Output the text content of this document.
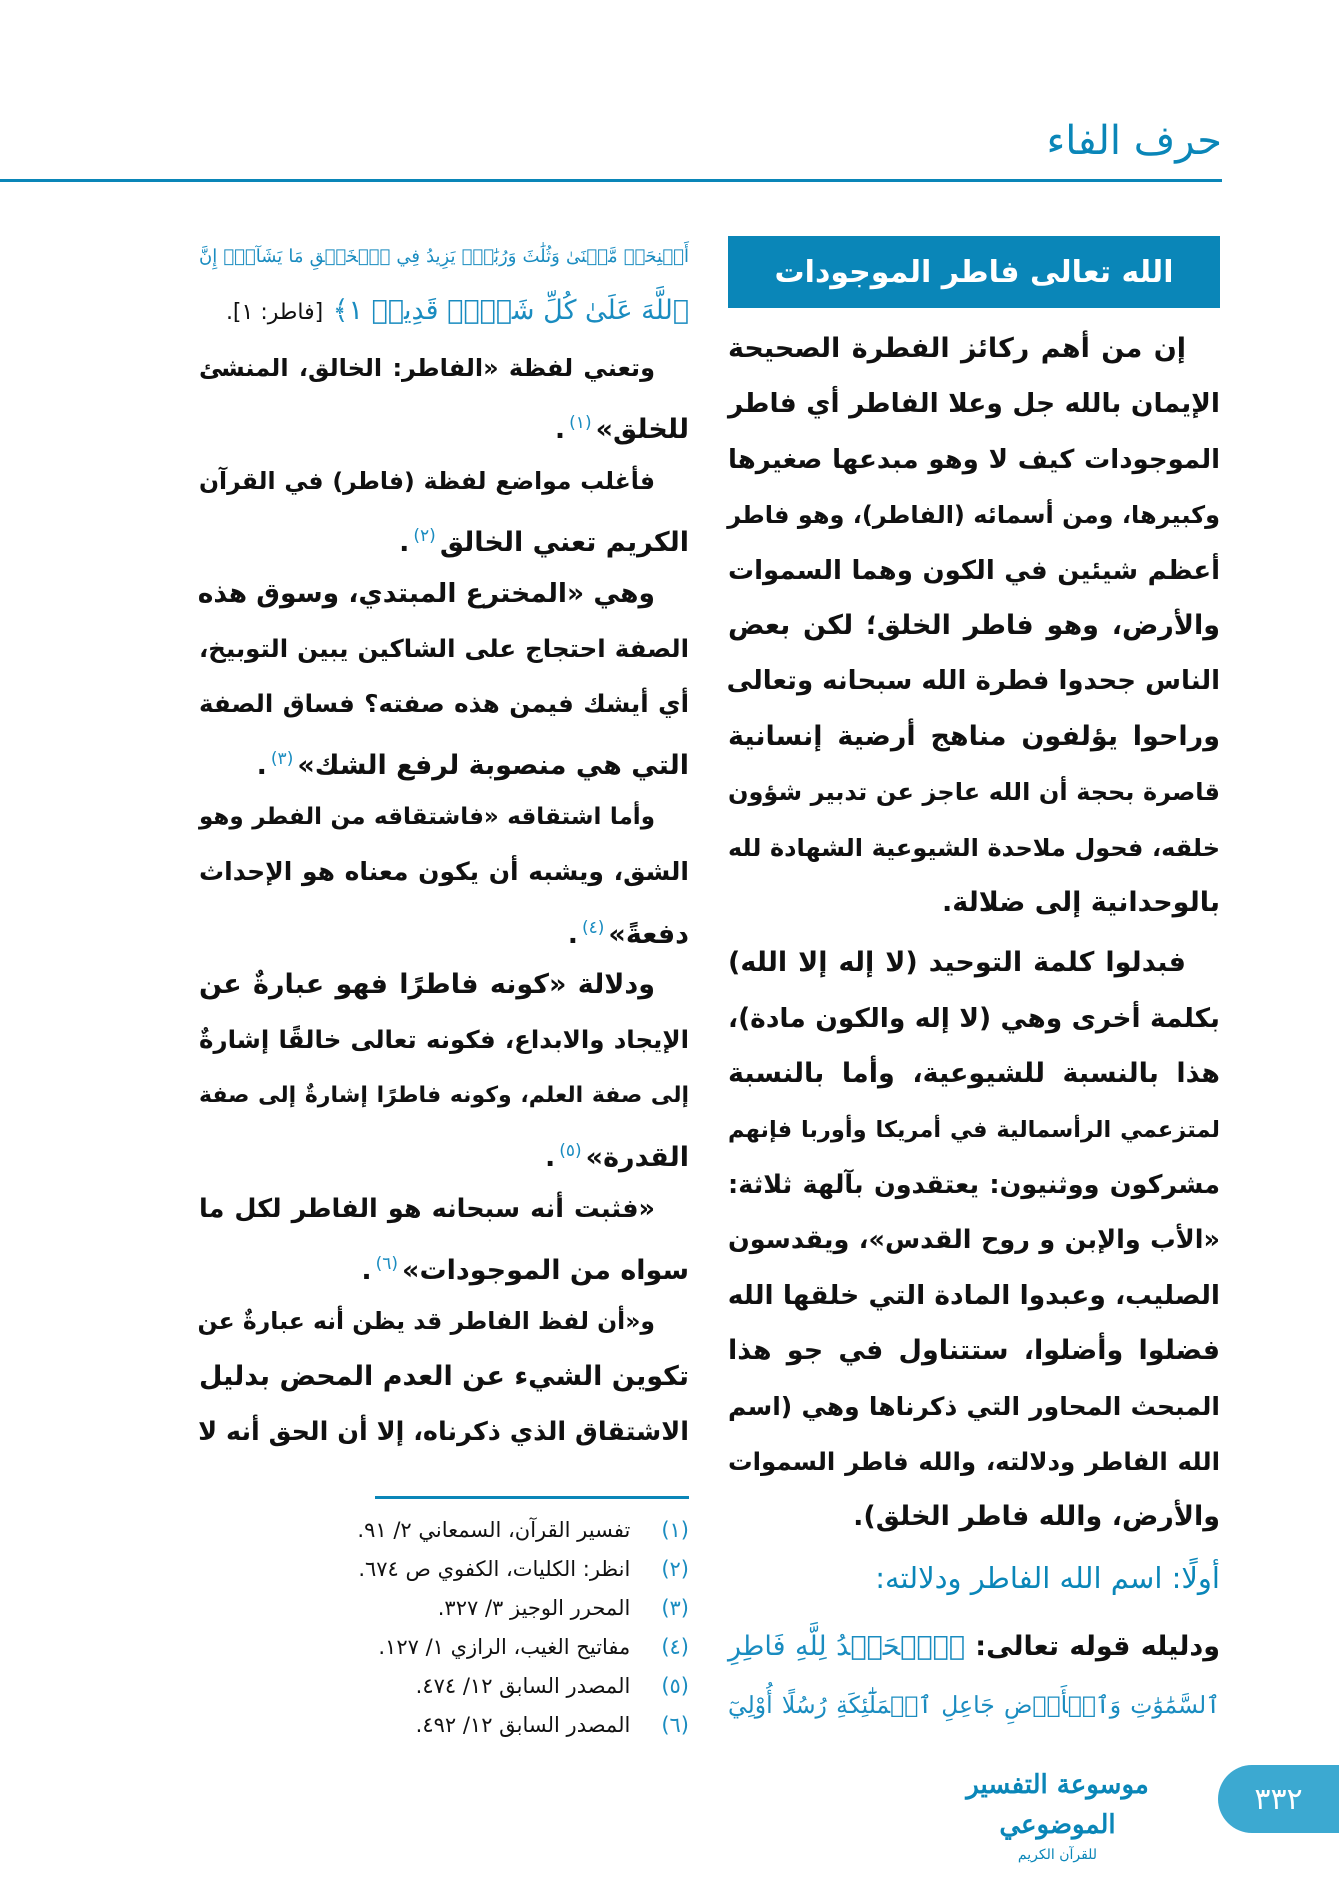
حرف الفاء
الله تعالى فاطر الموجودات
إن من أهم ركائز الفطرة الصحيحة
الإيمان بالله جل وعلا الفاطر أي فاطر
الموجودات كيف لا وهو مبدعها صغيرها
وكبيرها، ومن أسمائه (الفاطر)، وهو فاطر
أعظم شيئين في الكون وهما السموات
والأرض، وهو فاطر الخلق؛ لكن بعض
الناس جحدوا فطرة الله سبحانه وتعالى
وراحوا يؤلفون مناهج أرضية إنسانية
قاصرة بحجة أن الله عاجز عن تدبير شؤون
خلقه، فحول ملاحدة الشيوعية الشهادة لله
بالوحدانية إلى ضلالة.
فبدلوا كلمة التوحيد (لا إله إلا الله)
بكلمة أخرى وهي (لا إله والكون مادة)،
هذا بالنسبة للشيوعية، وأما بالنسبة
لمتزعمي الرأسمالية في أمريكا وأوربا فإنهم
مشركون ووثنيون: يعتقدون بآلهة ثلاثة:
«الأب والإبن و روح القدس»، ويقدسون
الصليب، وعبدوا المادة التي خلقها الله
فضلوا وأضلوا، ستتناول في جو هذا
المبحث المحاور التي ذكرناها وهي (اسم
الله الفاطر ودلالته، والله فاطر السموات
والأرض، والله فاطر الخلق).
وتعني لفظة «الفاطر: الخالق، المنشئ
للخلق»$^{(١)}$.
فأغلب مواضع لفظة (فاطر) في القرآن
الكريم تعني الخالق$^{(٢)}$.
وهي «المخترع المبتدي، وسوق هذه
الصفة احتجاج على الشاكين يبين التوبيخ،
أي أيشك فيمن هذه صفته؟ فساق الصفة
التي هي منصوبة لرفع الشك»$^{(٣)}$.
وأما اشتقاقه «فاشتقاقه من الفطر وهو
الشق، ويشبه أن يكون معناه هو الإحداث
دفعةً»$^{(٤)}$.
ودلالة «كونه فاطرًا فهو عبارةٌ عن
الإيجاد والابداع، فكونه تعالى خالقًا إشارةٌ
إلى صفة العلم، وكونه فاطرًا إشارةٌ إلى صفة
القدرة»$^{(٥)}$.
«فثبت أنه سبحانه هو الفاطر لكل ما
سواه من الموجودات»$^{(٦)}$.
و«أن لفظ الفاطر قد يظن أنه عبارةٌ عن
تكوين الشيء عن العدم المحض بدليل
الاشتقاق الذي ذكرناه، إلا أن الحق أنه لا
أولًا: اسم الله الفاطر ودلالته:
ودليله قوله تعالى: ﴿ٱلۡحَمۡدُ لِلَّهِ فَاطِرِ
ٱلسَّمَٰوَٰتِ وَٱلۡأَرۡضِ جَاعِلِ ٱلۡمَلَٰٓئِكَةِ رُسُلًا أُوْلِيٓ
أَجۡنِحَةٖ مَّثۡنَىٰ وَثُلَٰثَ وَرُبَٰعَۚ يَزِيدُ فِي ٱلۡخَلۡقِ مَا يَشَآءُۚ إِنَّ
ٱللَّهَ عَلَىٰ كُلِّ شَيۡءٖ قَدِيرٞ ١﴾ [فاطر: ١].
(١) تفسير القرآن، السمعاني ٢/ ٩١.
(٢) انظر: الكليات، الكفوي ص ٦٧٤.
(٣) المحرر الوجيز ٣/ ٣٢٧.
(٤) مفاتيح الغيب، الرازي ١/ ١٢٧.
(٥) المصدر السابق ١٢/ ٤٧٤.
(٦) المصدر السابق ١٢/ ٤٩٢.
موسوعة التفسير الموضوعي
للقرآن الكريم
٣٣٢
